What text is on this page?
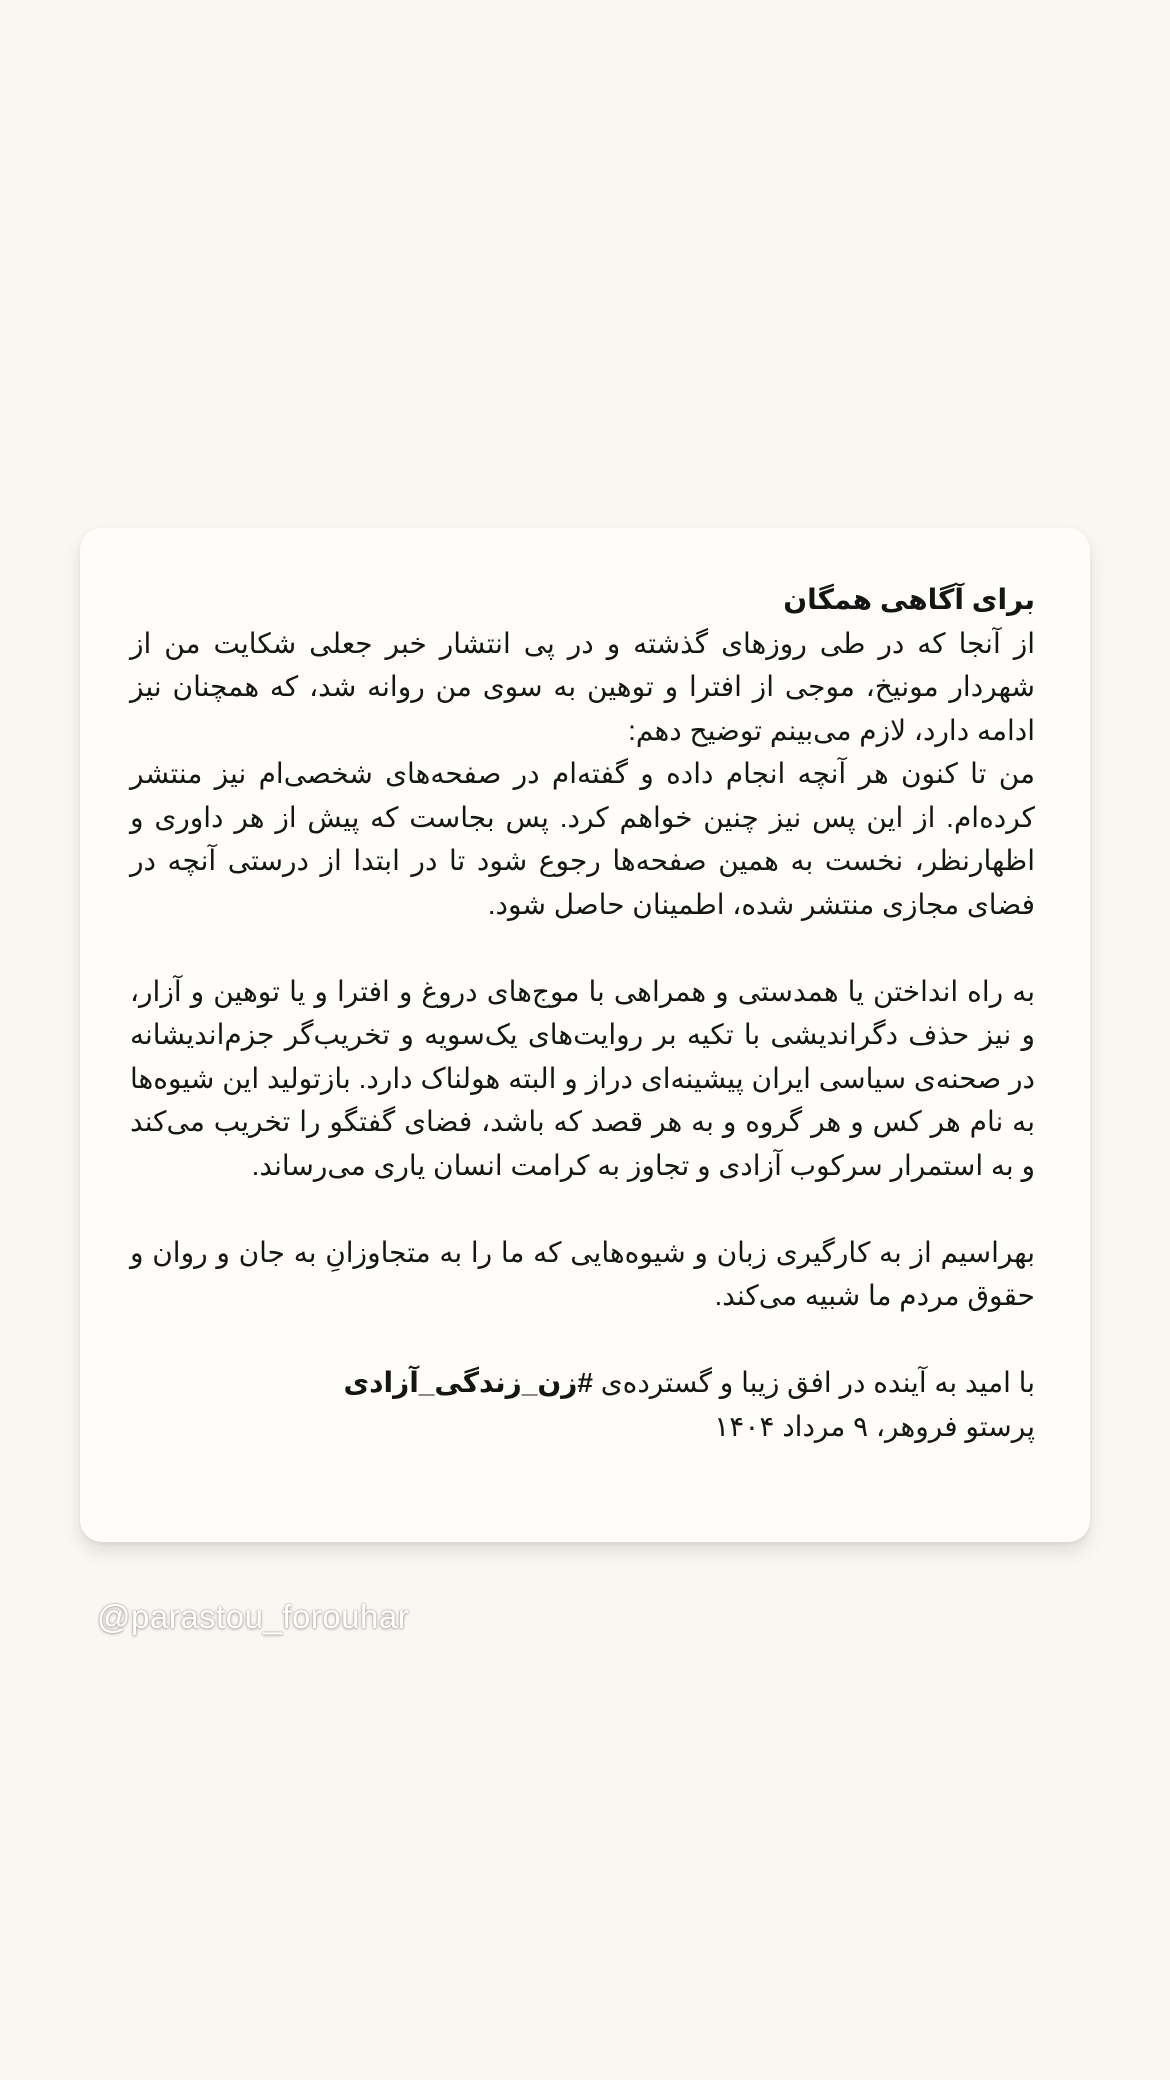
برای آگاهی همگان

از آنجا که در طی روزهای گذشته و در پی انتشار خبر جعلی شکایت من از شهردار مونیخ، موجی از افترا و توهین به سوی من روانه شد، که همچنان نیز ادامه دارد، لازم می‌بینم توضیح دهم:

من تا کنون هر آنچه انجام داده و گفته‌ام در صفحه‌های شخصی‌ام نیز منتشر کرده‌ام. از این پس نیز چنین خواهم کرد. پس بجاست که پیش از هر داوری و اظهارنظر، نخست به همین صفحه‌ها رجوع شود تا در ابتدا از درستی آنچه در فضای مجازی منتشر شده، اطمینان حاصل شود.

به راه انداختن یا همدستی و همراهی با موج‌های دروغ و افترا و یا توهین و آزار، و نیز حذف دگراندیشی با تکیه بر روایت‌های یک‌سویه و تخریب‌گر جزم‌اندیشانه در صحنه‌ی سیاسی ایران پیشینه‌ای دراز و البته هولناک دارد. بازتولید این شیوه‌ها به نام هر کس و هر گروه و به هر قصد که باشد، فضای گفتگو را تخریب می‌کند و به استمرار سرکوب آزادی و تجاوز به کرامت انسان یاری می‌رساند.

بهراسیم از به کارگیری زبان و شیوه‌هایی که ما را به متجاوزانِ به جان و روان و حقوق مردم ما شبیه می‌کند.

با امید به آینده در افق زیبا و گسترده‌ی #زن_زندگی_آزادی

پرستو فروهر، ۹ مرداد ۱۴۰۴

@parastou_forouhar
